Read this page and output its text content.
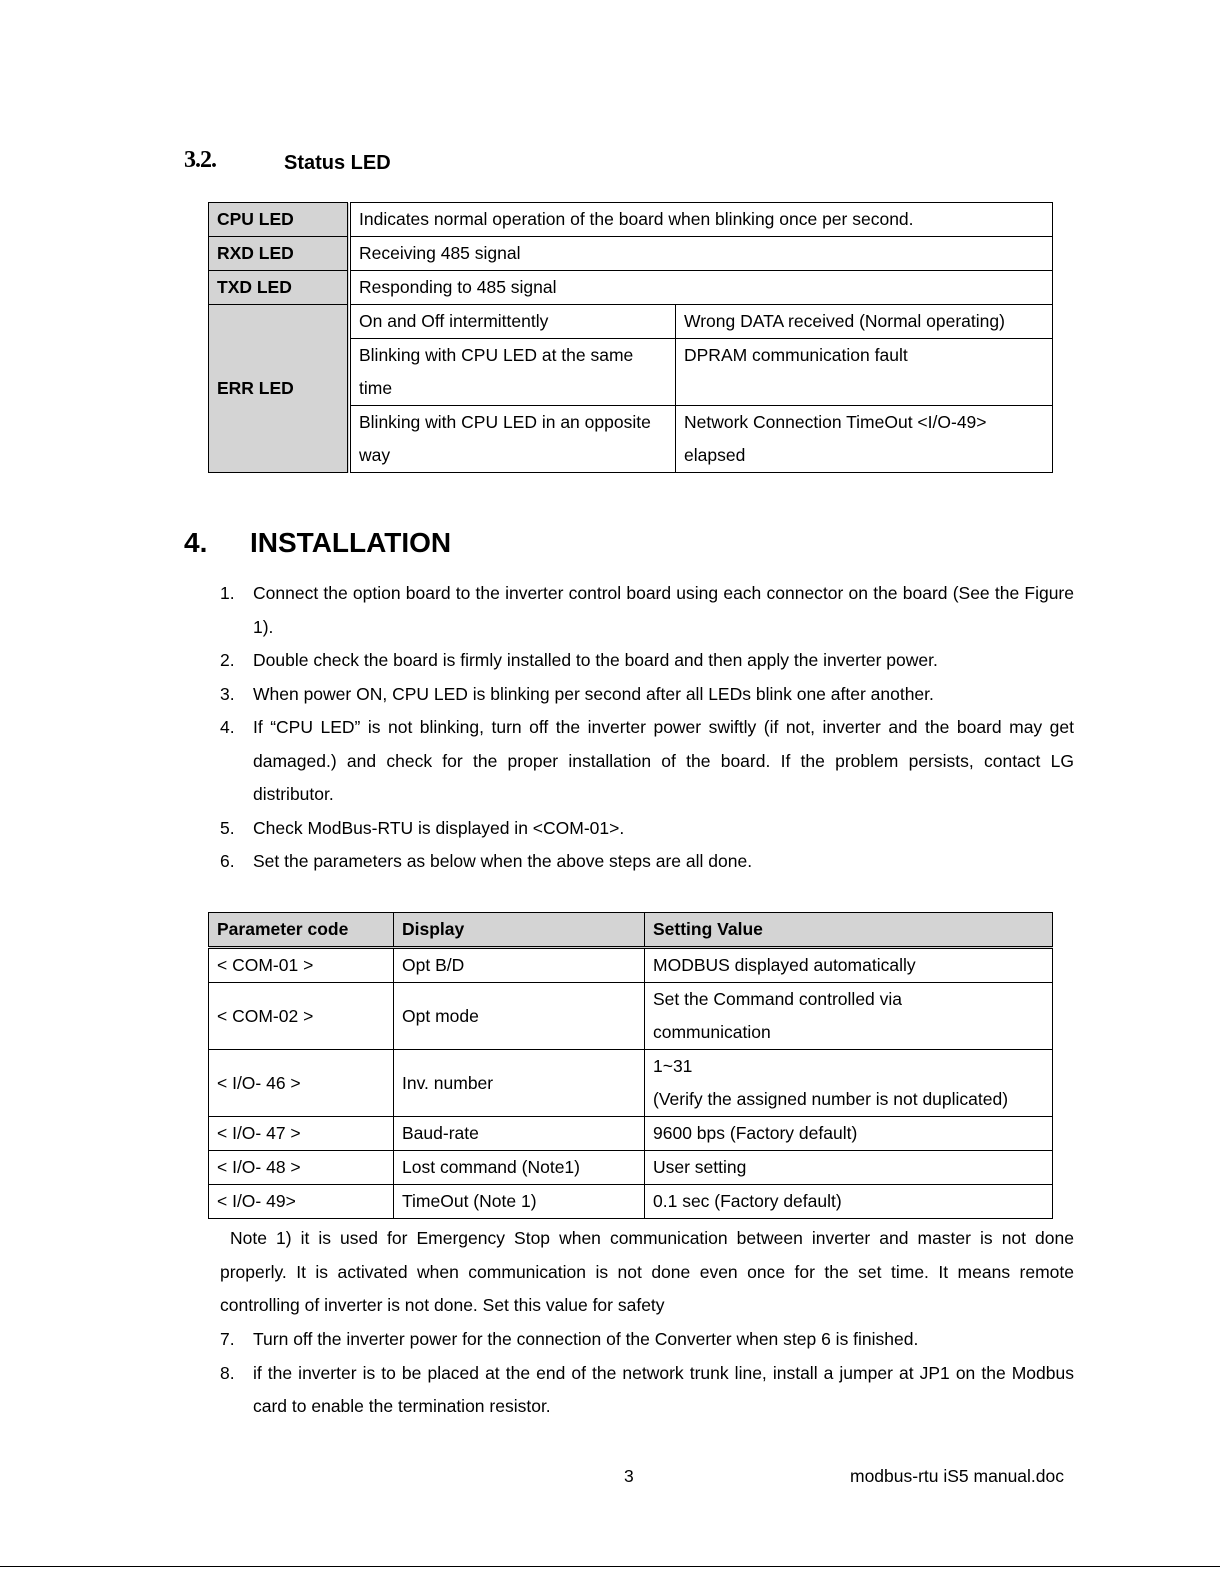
3.2.	Status LED
CPU LED	Indicates normal operation of the board when blinking once per second.	
RXD LED	Receiving 485 signal	
TXD LED	Responding to 485 signal	
ERR LED	On and Off intermittently	Wrong DATA received (Normal operating)
	Blinking with CPU LED at the same time	DPRAM communication fault
	Blinking with CPU LED in an opposite way	Network Connection TimeOut <I/O-49> elapsed
4. INSTALLATION
1. Connect the option board to the inverter control board using each connector on the board (See the Figure 1).
2. Double check the board is firmly installed to the board and then apply the inverter power.
3. When power ON, CPU LED is blinking per second after all LEDs blink one after another.
4. If “CPU LED” is not blinking, turn off the inverter power swiftly (if not, inverter and the board may get damaged.) and check for the proper installation of the board. If the problem persists, contact LG distributor.
5. Check ModBus-RTU is displayed in <COM-01>.
6. Set the parameters as below when the above steps are all done.
Parameter code	Display	Setting Value
< COM-01 >	Opt B/D	MODBUS displayed automatically
< COM-02 >	Opt mode	Set the Command controlled via communication
< I/O- 46 >	Inv. number	1~31
(Verify the assigned number is not duplicated)

< I/O- 47 >	Baud-rate	9600 bps (Factory default)
< I/O- 48 >	Lost command (Note1)	User setting
< I/O- 49>	TimeOut (Note 1)	0.1 sec (Factory default)
Note 1) it is used for Emergency Stop when communication between inverter and master is not done properly. It is activated when communication is not done even once for the set time. It means remote controlling of inverter is not done. Set this value for safety
7. Turn off the inverter power for the connection of the Converter when step 6 is finished.
8. if the inverter is to be placed at the end of the network trunk line, install a jumper at JP1 on the Modbus card to enable the termination resistor.
3	modbus-rtu iS5 manual.doc
